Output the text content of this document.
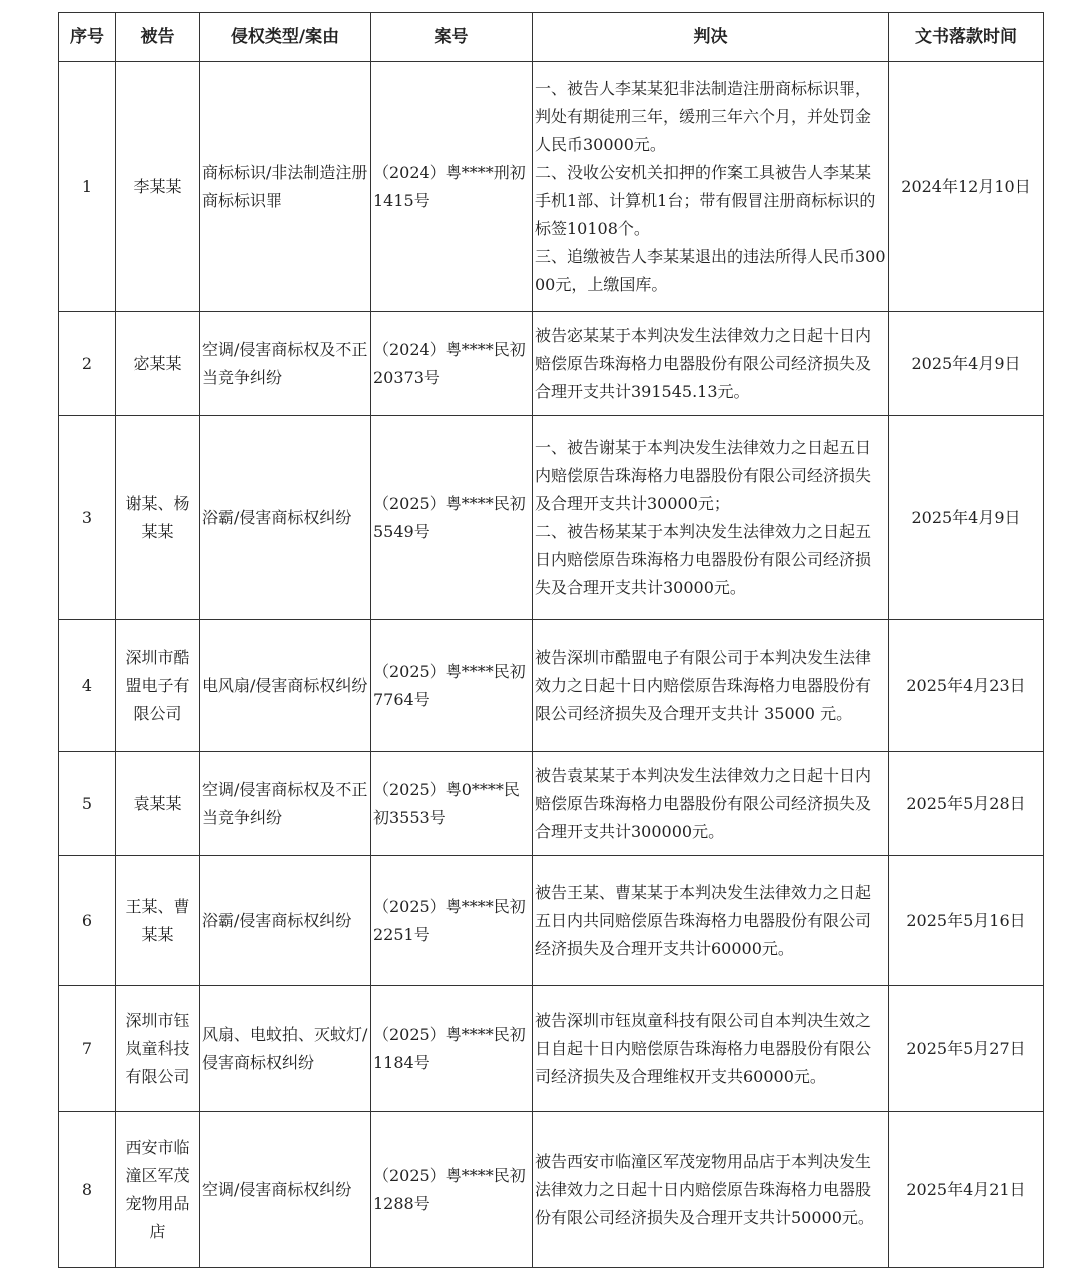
序号	被告	侵权类型/案由	案号	判决	文书落款时间
1	李某某	商标标识/非法制造注册商标标识罪	（2024）粤****刑初1415号	一、被告人李某某犯非法制造注册商标标识罪，判处有期徒刑三年，缓刑三年六个月，并处罚金人民币30000元。
二、没收公安机关扣押的作案工具被告人李某某手机1部、计算机1台；带有假冒注册商标标识的标签10108个。
三、追缴被告人李某某退出的违法所得人民币30000元，上缴国库。	2024年12月10日
2	宓某某	空调/侵害商标权及不正当竞争纠纷	（2024）粤****民初20373号	被告宓某某于本判决发生法律效力之日起十日内赔偿原告珠海格力电器股份有限公司经济损失及合理开支共计391545.13元。	2025年4月9日
3	谢某、杨某某	浴霸/侵害商标权纠纷	（2025）粤****民初5549号	一、被告谢某于本判决发生法律效力之日起五日内赔偿原告珠海格力电器股份有限公司经济损失及合理开支共计30000元；
二、被告杨某某于本判决发生法律效力之日起五日内赔偿原告珠海格力电器股份有限公司经济损失及合理开支共计30000元。	2025年4月9日
4	深圳市酷盟电子有限公司	电风扇/侵害商标权纠纷	（2025）粤****民初7764号	被告深圳市酷盟电子有限公司于本判决发生法律效力之日起十日内赔偿原告珠海格力电器股份有限公司经济损失及合理开支共计 35000 元。	2025年4月23日
5	袁某某	空调/侵害商标权及不正当竞争纠纷	（2025）粤0****民初3553号	被告袁某某于本判决发生法律效力之日起十日内赔偿原告珠海格力电器股份有限公司经济损失及合理开支共计300000元。	2025年5月28日
6	王某、曹某某	浴霸/侵害商标权纠纷	（2025）粤****民初2251号	被告王某、曹某某于本判决发生法律效力之日起五日内共同赔偿原告珠海格力电器股份有限公司经济损失及合理开支共计60000元。	2025年5月16日
7	深圳市钰岚童科技有限公司	风扇、电蚊拍、灭蚊灯/侵害商标权纠纷	（2025）粤****民初1184号	被告深圳市钰岚童科技有限公司自本判决生效之日自起十日内赔偿原告珠海格力电器股份有限公司经济损失及合理维权开支共60000元。	2025年5月27日
8	西安市临潼区军茂宠物用品店	空调/侵害商标权纠纷	（2025）粤****民初1288号	被告西安市临潼区军茂宠物用品店于本判决发生法律效力之日起十日内赔偿原告珠海格力电器股份有限公司经济损失及合理开支共计50000元。	2025年4月21日
